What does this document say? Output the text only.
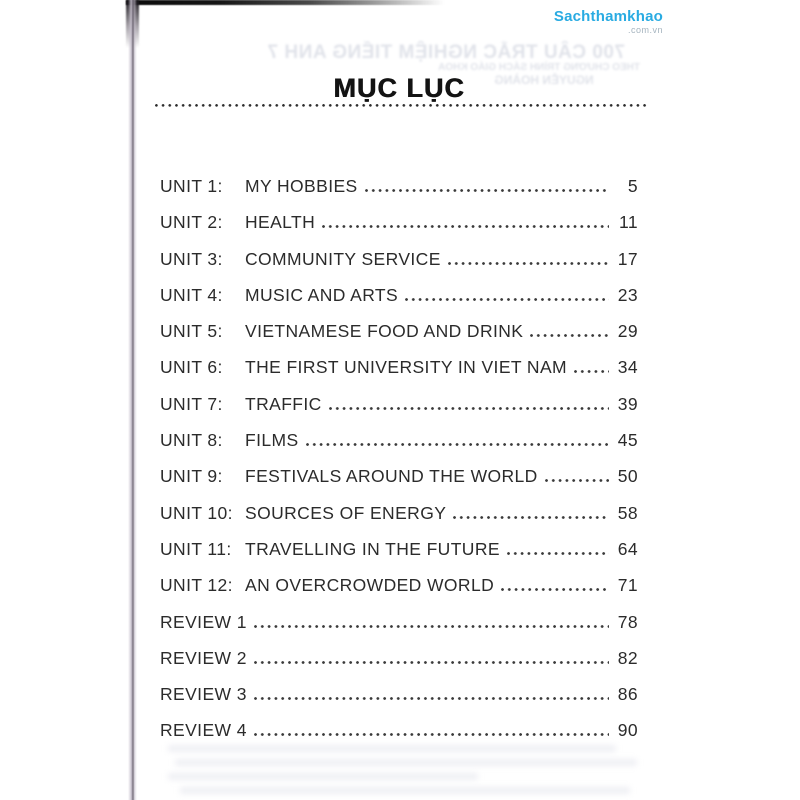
Sachthamkhao
.com.vn
700 CÂU TRẮC NGHIỆM TIẾNG ANH 7
THEO CHƯƠNG TRÌNH SÁCH GIÁO KHOA
NGUYỄN HOÀNG
MỤC LỤC
UNIT 1:	MY HOBBIES	5
UNIT 2:	HEALTH	11
UNIT 3:	COMMUNITY SERVICE	17
UNIT 4:	MUSIC AND ARTS	23
UNIT 5:	VIETNAMESE FOOD AND DRINK	29
UNIT 6:	THE FIRST UNIVERSITY IN VIET NAM	34
UNIT 7:	TRAFFIC	39
UNIT 8:	FILMS	45
UNIT 9:	FESTIVALS AROUND THE WORLD	50
UNIT 10: SOURCES OF ENERGY	58
UNIT 11: TRAVELLING IN THE FUTURE	64
UNIT 12: AN OVERCROWDED WORLD	71
REVIEW 1	78
REVIEW 2	82
REVIEW 3	86
REVIEW 4	90
